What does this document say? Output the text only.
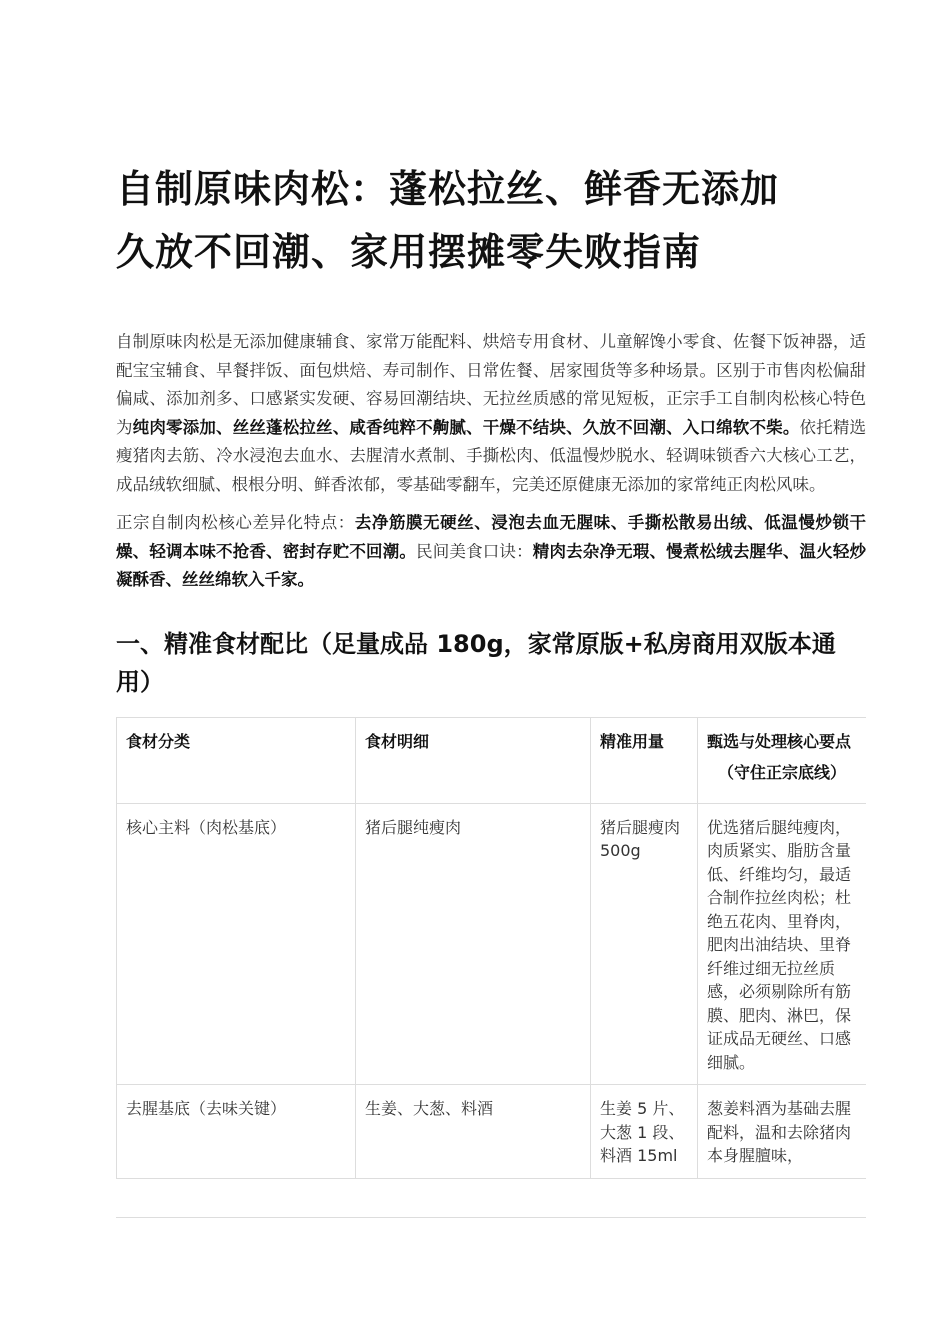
自制原味肉松：蓬松拉丝、鲜香无添加
久放不回潮、家用摆摊零失败指南

自制原味肉松是无添加健康辅食、家常万能配料、烘焙专用食材、儿童解馋小零食、佐餐下饭神器，适配宝宝辅食、早餐拌饭、面包烘焙、寿司制作、日常佐餐、居家囤货等多种场景。区别于市售肉松偏甜偏咸、添加剂多、口感紧实发硬、容易回潮结块、无拉丝质感的常见短板，正宗手工自制肉松核心特色为纯肉零添加、丝丝蓬松拉丝、咸香纯粹不齁腻、干燥不结块、久放不回潮、入口绵软不柴。依托精选瘦猪肉去筋、冷水浸泡去血水、去腥清水煮制、手撕松肉、低温慢炒脱水、轻调味锁香六大核心工艺，成品绒软细腻、根根分明、鲜香浓郁，零基础零翻车，完美还原健康无添加的家常纯正肉松风味。

正宗自制肉松核心差异化特点：去净筋膜无硬丝、浸泡去血无腥味、手撕松散易出绒、低温慢炒锁干燥、轻调本味不抢香、密封存贮不回潮。民间美食口诀：精肉去杂净无瑕、慢煮松绒去腥华、温火轻炒凝酥香、丝丝绵软入千家。

一、精准食材配比（足量成品 180g，家常原版+私房商用双版本通用）
食材分类	食材明细	精准用量	甄选与处理核心要点
（守住正宗底线）

核心主料（肉松基底）	猪后腿纯瘦肉	猪后腿瘦肉 500g	优选猪后腿纯瘦肉，肉质紧实、脂肪含量低、纤维均匀，最适合制作拉丝肉松；杜绝五花肉、里脊肉，肥肉出油结块、里脊纤维过细无拉丝质感，必须剔除所有筋膜、肥肉、淋巴，保证成品无硬丝、口感细腻。
去腥基底（去味关键）	生姜、大葱、料酒	生姜 5 片、大葱 1 段、料酒 15ml	葱姜料酒为基础去腥配料，温和去除猪肉本身腥膻味，
